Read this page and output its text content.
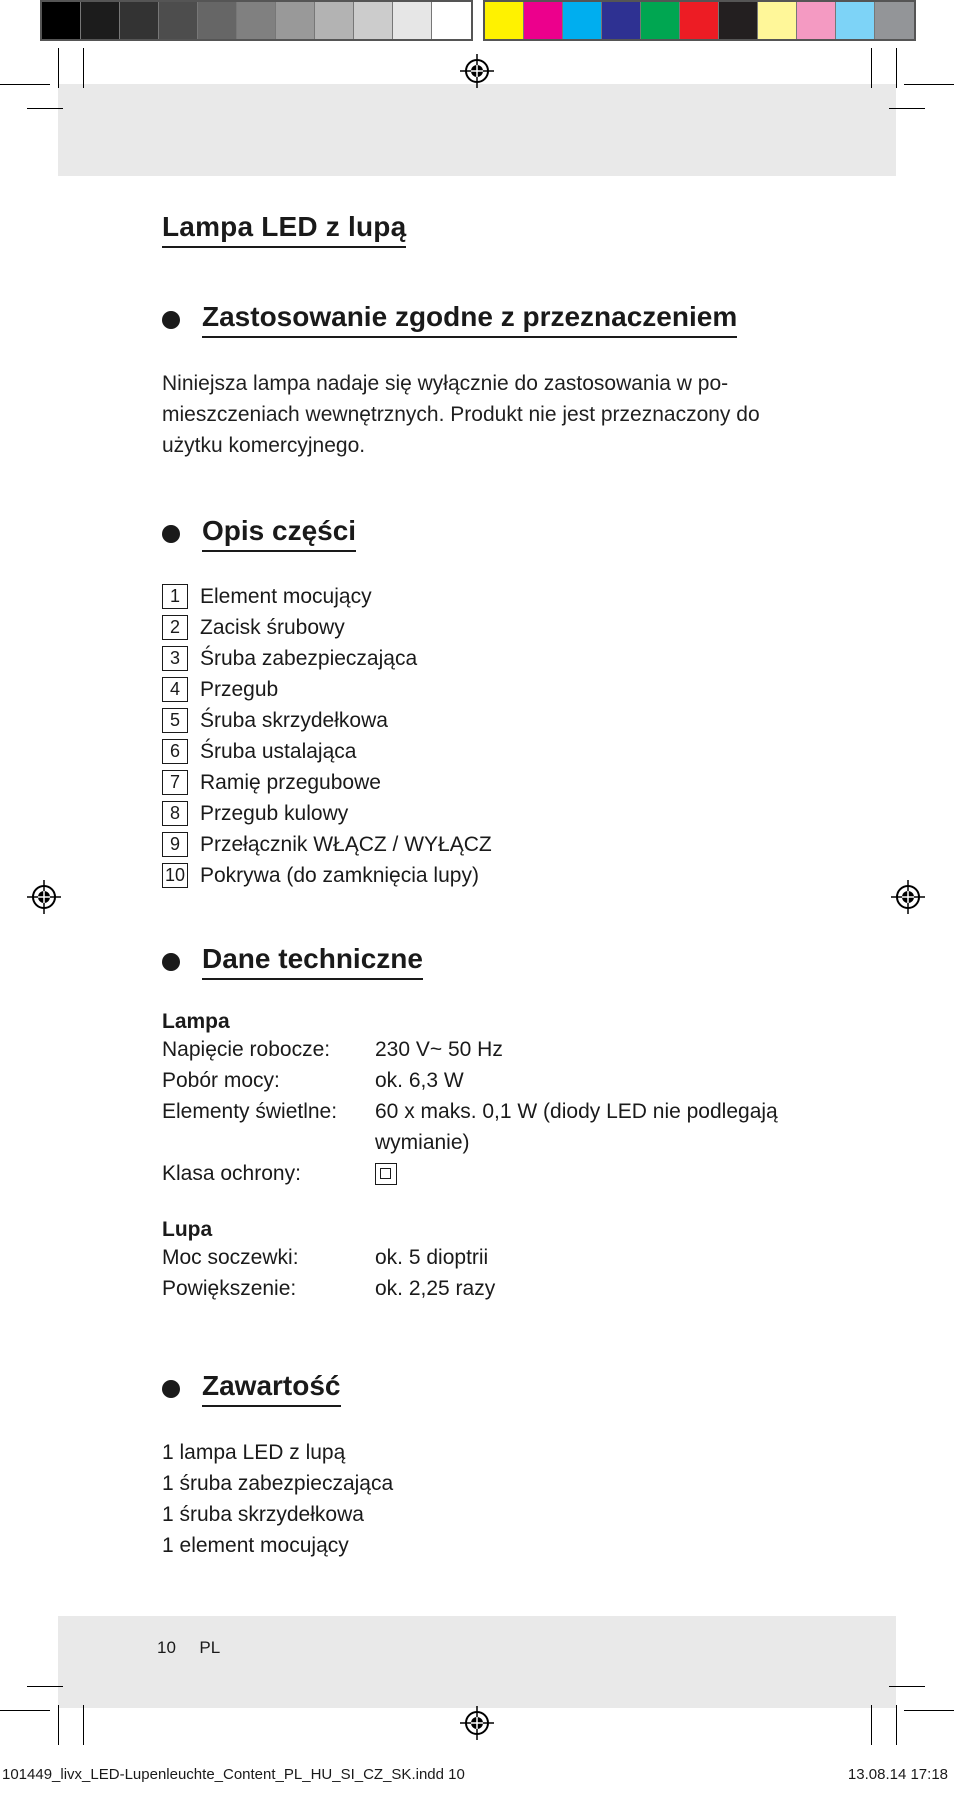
Lampa LED z lupą
Zastosowanie zgodne z przeznaczeniem
Niniejsza lampa nadaje się wyłącznie do zastosowania w po-
mieszczeniach wewnętrznych. Produkt nie jest przeznaczony do
użytku komercyjnego.
Opis części
1 Element mocujący
2 Zacisk śrubowy
3 Śruba zabezpieczająca
4 Przegub
5 Śruba skrzydełkowa
6 Śruba ustalająca
7 Ramię przegubowe
8 Przegub kulowy
9 Przełącznik WŁĄCZ / WYŁĄCZ
10 Pokrywa (do zamknięcia lupy)
Dane techniczne
Lampa
Napięcie robocze:	230 V~ 50 Hz
Pobór mocy:	ok. 6,3 W
Elementy świetlne:	60 x maks. 0,1 W (diody LED nie podlegają
wymianie)
Klasa ochrony:
Lupa
Moc soczewki:	ok. 5 dioptrii
Powiększenie:	ok. 2,25 razy
Zawartość
1 lampa LED z lupą
1 śruba zabezpieczająca
1 śruba skrzydełkowa
1 element mocujący
10 PL
101449_livx_LED-Lupenleuchte_Content_PL_HU_SI_CZ_SK.indd 10	13.08.14 17:18
